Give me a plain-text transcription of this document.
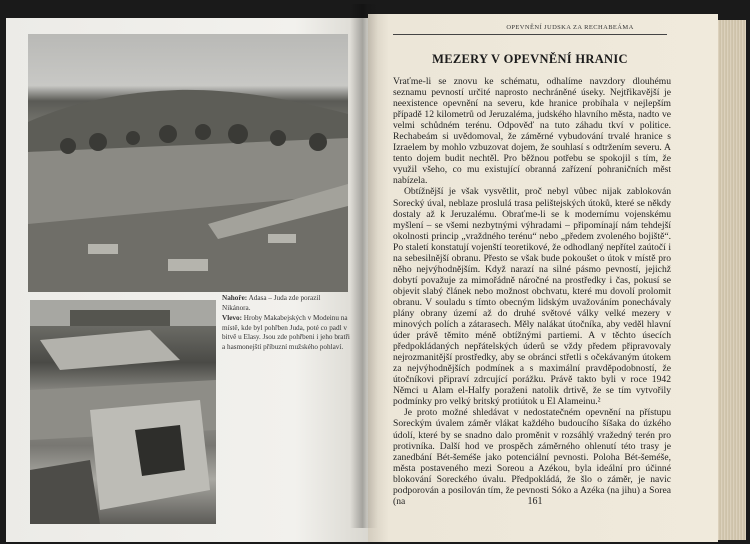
Nahoře: Adasa – Juda zde porazil Nikánora.
Vlevo: Hroby Makabejských v Modeinu na místě, kde byl pohřben Juda, poté co padl v bitvě u Elasy. Jsou zde pohřbeni i jeho bratři a hasmonejští příbuzní mužského pohlaví.
OPEVNĚNÍ JUDSKA ZA RECHABEÁMA
MEZERY V OPEVNĚNÍ HRANIC

Vraťme-li se znovu ke schématu, odhalíme navzdory dlouhému seznamu pevností určité naprosto nechráněné úseky. Nejtřikavější je neexistence opevnění na severu, kde hranice probíhala v nejlepším případě 12 kilometrů od Jeruzaléma, judského hlavního města, nadto ve velmi schůdném terénu. Odpověď na tuto záhadu tkví v politice. Rechabeám si uvědomoval, že záměrné vybudování trvalé hranice s Izraelem by mohlo vzbuzovat dojem, že souhlasí s odtržením severu. A tento dojem budit nechtěl. Pro běžnou potřebu se spokojil s tím, že využil všeho, co mu existující obranná zařízení pohraničních měst nabízela.

Obtížnější je však vysvětlit, proč nebyl vůbec nijak zablokován Sorecký úval, neblaze proslulá trasa pelištejských útoků, které se někdy dostaly až k Jeruzalému. Obraťme-li se k modernímu vojenskému myšlení – se všemi nezbytnými výhradami – připomínají nám tehdejší okolnosti princip „vraždného terénu“ nebo „předem zvoleného bojiště“. Po staletí konstatují vojenští teoretikové, že odhodlaný nepřítel zaútočí i na sebesilnější obranu. Přesto se však bude pokoušet o útok v místě pro něho nejvýhodnějším. Když narazí na silné pásmo pevností, jejichž dobytí považuje za mimořádně náročné na prostředky i čas, pokusí se objevit slabý článek nebo možnost obchvatu, které mu dovolí prolomit obranu. V souladu s tímto obecným lidským uvažováním ponechávaly plány obrany území až do druhé světové války velké mezery v minových polích a zátarasech. Měly nalákat útočníka, aby veděl hlavní úder právě těmito méně obtížnými partiemi. A v těchto úsecích předpokládaných nepřátelských úderů se vždy předem připravovaly nejrozmanitější prostředky, aby se obránci střetli s očekávaným útokem za nejvýhodnějších podmínek a s maximální pravděpodobností, že útočníkovi připraví zdrcující porážku. Právě takto byli v roce 1942 Němci u Alam el-Halfy poraženi natolik drtivě, že se tím vytvořily podmínky pro velký britský protiútok u El Alameinu.²

Je proto možné shledávat v nedostatečném opevnění na přístupu Soreckým úvalem záměr vlákat každého budoucího šíšaka do úzkého údolí, které by se snadno dalo proměnit v rozsáhlý vražedný terén pro protivníka. Další hod ve prospěch záměrného ohlenutí této trasy je zanedbání Bét-šeméše jako potenciální pevnosti. Poloha Bét-šeméše, města postaveného mezi Soreou a Azékou, byla ideální pro účinné blokování Soreckého úvalu. Předpokládá, že šlo o záměr, je navic podporován a posilován tím, že pevnosti Sóko a Azéka (na jihu) a Sorea (na	161
